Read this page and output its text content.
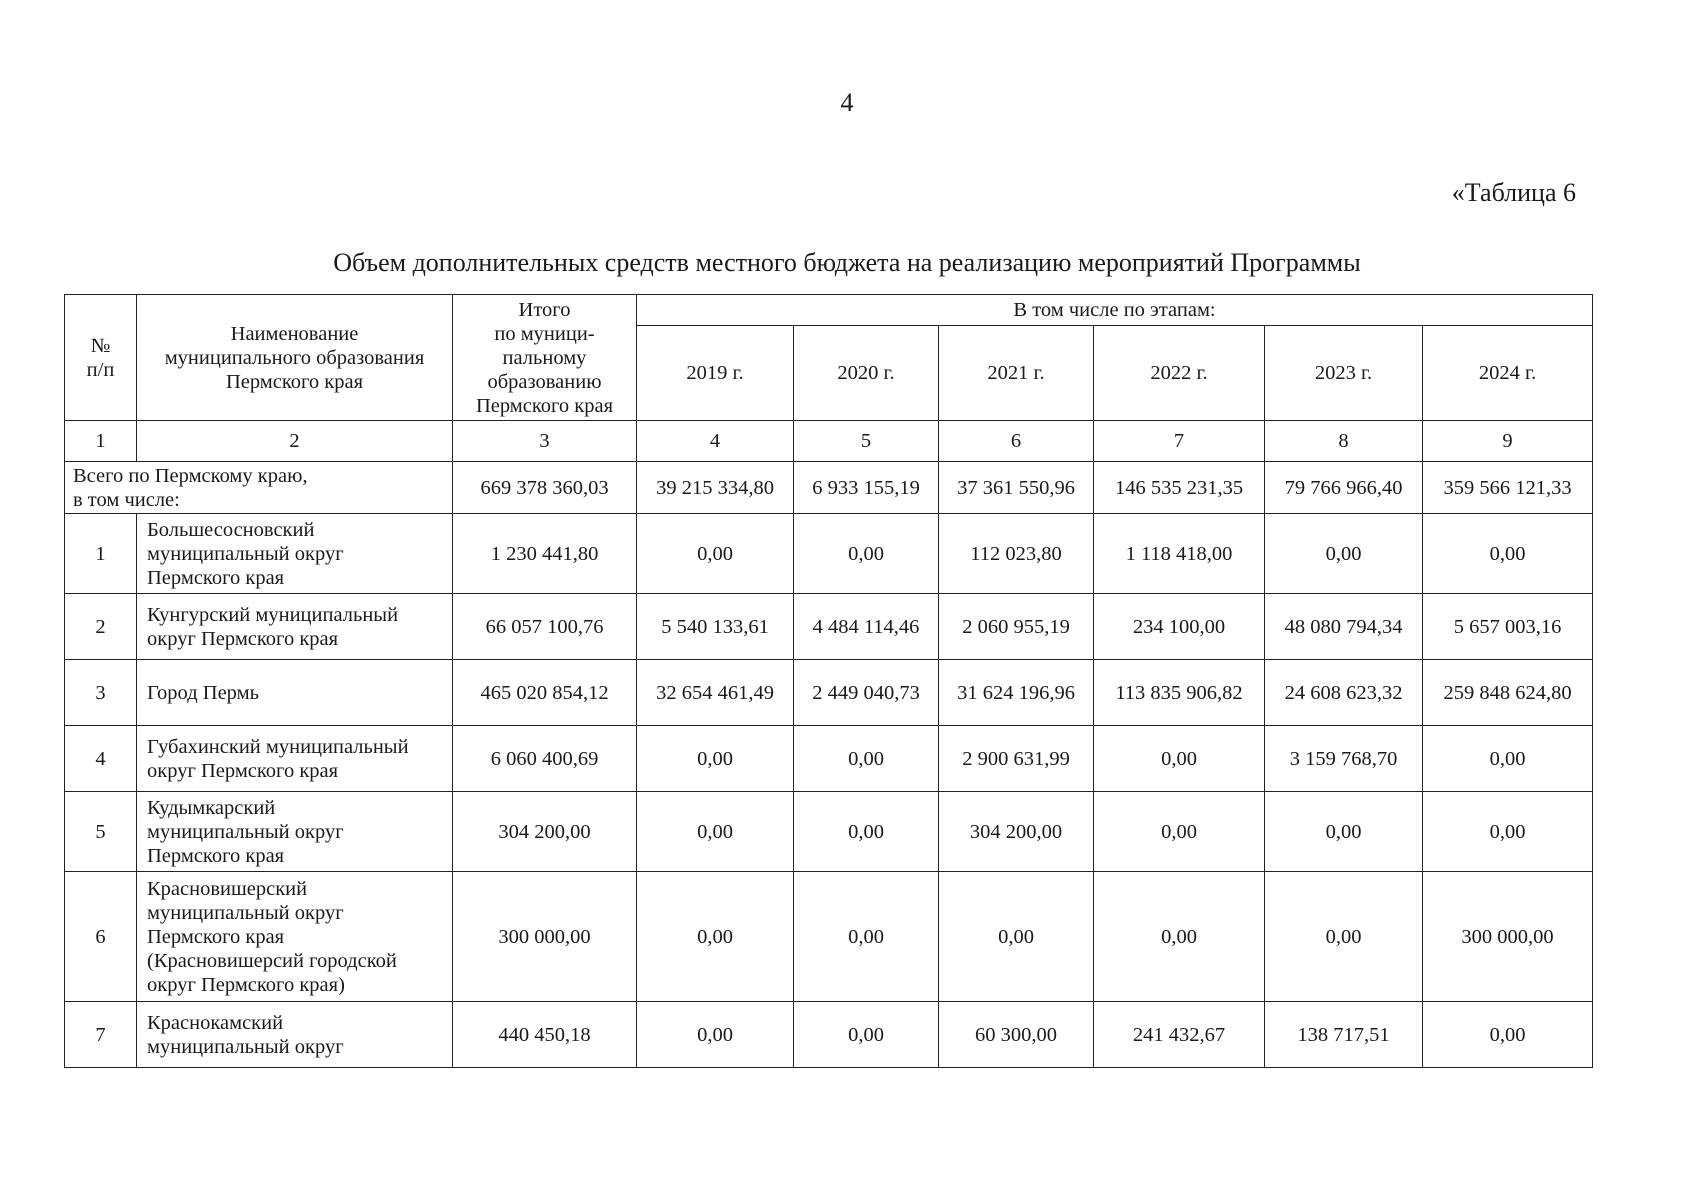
4
«Таблица 6
Объем дополнительных средств местного бюджета на реализацию мероприятий Программы
№
п/п	Наименование
муниципального образования
Пермского края	Итого
по муници-
пальному
образованию
Пермского края	В том числе по этапам:					
			2019 г.	2020 г.	2021 г.	2022 г.	2023 г.	2024 г.
1	2	3	4	5	6	7	8	9
Всего по Пермскому краю,
в том числе:		669 378 360,03	39 215 334,80	6 933 155,19	37 361 550,96	146 535 231,35	79 766 966,40	359 566 121,33
1	Большесосновский
муниципальный округ
Пермского края	1 230 441,80	0,00	0,00	112 023,80	1 118 418,00	0,00	0,00
2	Кунгурский муниципальный
округ Пермского края	66 057 100,76	5 540 133,61	4 484 114,46	2 060 955,19	234 100,00	48 080 794,34	5 657 003,16
3	Город Пермь	465 020 854,12	32 654 461,49	2 449 040,73	31 624 196,96	113 835 906,82	24 608 623,32	259 848 624,80
4	Губахинский муниципальный
округ Пермского края	6 060 400,69	0,00	0,00	2 900 631,99	0,00	3 159 768,70	0,00
5	Кудымкарский
муниципальный округ
Пермского края	304 200,00	0,00	0,00	304 200,00	0,00	0,00	0,00
6	Красновишерский
муниципальный округ
Пермского края
(Красновишерсий городской
округ Пермского края)	300 000,00	0,00	0,00	0,00	0,00	0,00	300 000,00
7	Краснокамский
муниципальный округ	440 450,18	0,00	0,00	60 300,00	241 432,67	138 717,51	0,00
